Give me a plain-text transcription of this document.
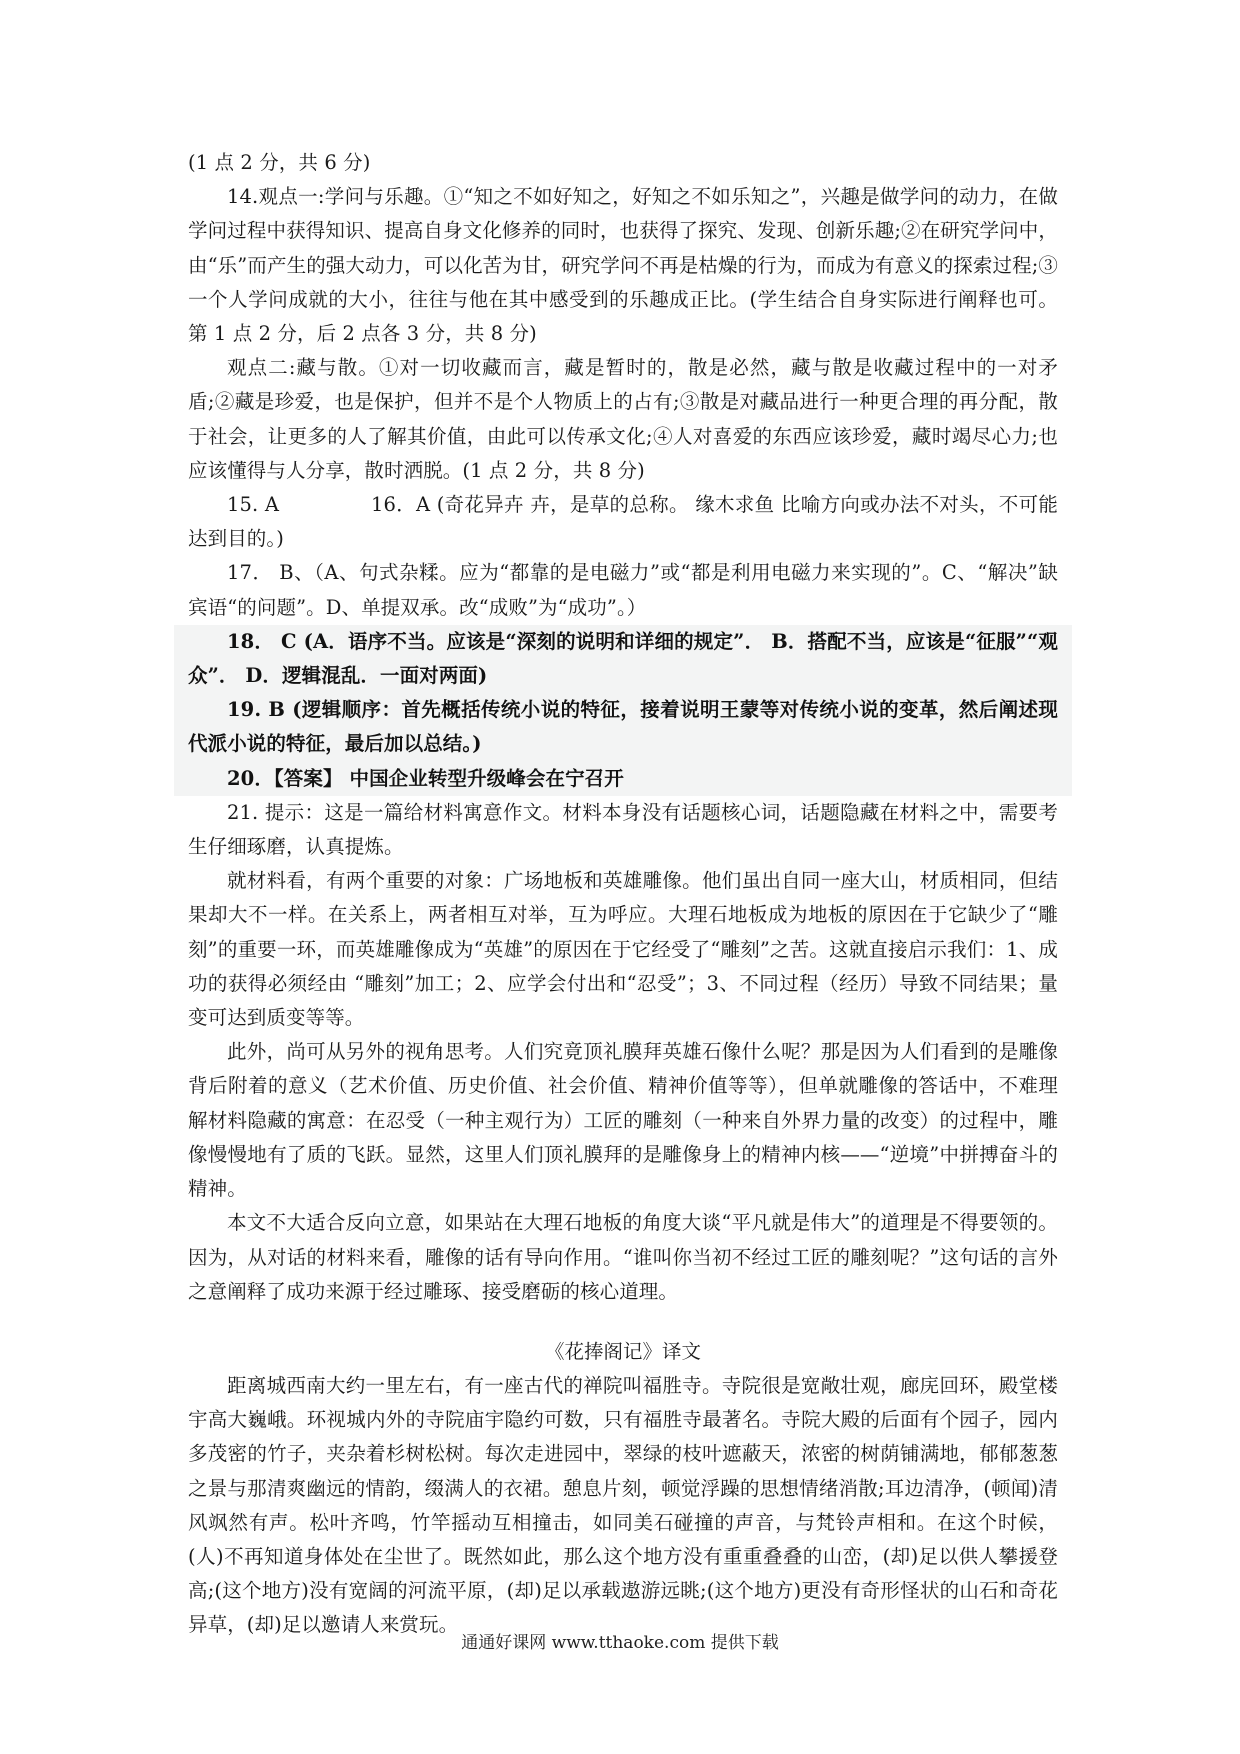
(1 点 2 分，共 6 分)

14.观点一:学问与乐趣。①“知之不如好知之，好知之不如乐知之”，兴趣是做学问的动力，在做学问过程中获得知识、提高自身文化修养的同时，也获得了探究、发现、创新乐趣;②在研究学问中，由“乐”而产生的强大动力，可以化苦为甘，研究学问不再是枯燥的行为，而成为有意义的探索过程;③一个人学问成就的大小，往往与他在其中感受到的乐趣成正比。(学生结合自身实际进行阐释也可。第 1 点 2 分，后 2 点各 3 分，共 8 分)

观点二:藏与散。①对一切收藏而言，藏是暂时的，散是必然，藏与散是收藏过程中的一对矛盾;②藏是珍爱，也是保护，但并不是个人物质上的占有;③散是对藏品进行一种更合理的再分配，散于社会，让更多的人了解其价值，由此可以传承文化;④人对喜爱的东西应该珍爱，藏时竭尽心力;也应该懂得与人分享，散时洒脱。(1 点 2 分，共 8 分)

15. A	16．A (奇花异卉 卉，是草的总称。 缘木求鱼 比喻方向或办法不对头，不可能达到目的。)

17． B、（A、句式杂糅。应为“都靠的是电磁力”或“都是利用电磁力来实现的”。C、“解决”缺宾语“的问题”。D、单提双承。改“成败”为“成功”。）

18． C (A．语序不当。应该是“深刻的说明和详细的规定”． B．搭配不当，应该是“征服”“观众”． D．逻辑混乱．一面对两面)

19. B (逻辑顺序：首先概括传统小说的特征，接着说明王蒙等对传统小说的变革，然后阐述现代派小说的特征，最后加以总结。)

20．【答案】 中国企业转型升级峰会在宁召开

21. 提示：这是一篇给材料寓意作文。材料本身没有话题核心词，话题隐藏在材料之中，需要考生仔细琢磨，认真提炼。

就材料看，有两个重要的对象：广场地板和英雄雕像。他们虽出自同一座大山，材质相同，但结果却大不一样。在关系上，两者相互对举，互为呼应。大理石地板成为地板的原因在于它缺少了“雕刻”的重要一环，而英雄雕像成为“英雄”的原因在于它经受了“雕刻”之苦。这就直接启示我们：1、成功的获得必须经由 “雕刻”加工；2、应学会付出和“忍受”；3、不同过程（经历）导致不同结果；量变可达到质变等等。

此外，尚可从另外的视角思考。人们究竟顶礼膜拜英雄石像什么呢？那是因为人们看到的是雕像背后附着的意义（艺术价值、历史价值、社会价值、精神价值等等），但单就雕像的答话中，不难理解材料隐藏的寓意：在忍受（一种主观行为）工匠的雕刻（一种来自外界力量的改变）的过程中，雕像慢慢地有了质的飞跃。显然，这里人们顶礼膜拜的是雕像身上的精神内核——“逆境”中拼搏奋斗的精神。

本文不大适合反向立意，如果站在大理石地板的角度大谈“平凡就是伟大”的道理是不得要领的。因为，从对话的材料来看，雕像的话有导向作用。“谁叫你当初不经过工匠的雕刻呢？”这句话的言外之意阐释了成功来源于经过雕琢、接受磨砺的核心道理。

《花捧阁记》译文

距离城西南大约一里左右，有一座古代的禅院叫福胜寺。寺院很是宽敞壮观，廊庑回环，殿堂楼宇高大巍峨。环视城内外的寺院庙宇隐约可数，只有福胜寺最著名。寺院大殿的后面有个园子，园内多茂密的竹子，夹杂着杉树松树。每次走进园中，翠绿的枝叶遮蔽天，浓密的树荫铺满地，郁郁葱葱之景与那清爽幽远的情韵，缀满人的衣裙。憩息片刻，顿觉浮躁的思想情绪消散;耳边清净，(顿闻)清风飒然有声。松叶齐鸣，竹竿摇动互相撞击，如同美石碰撞的声音，与梵铃声相和。在这个时候，(人)不再知道身体处在尘世了。既然如此，那么这个地方没有重重叠叠的山峦，(却)足以供人攀援登高;(这个地方)没有宽阔的河流平原，(却)足以承载遨游远眺;(这个地方)更没有奇形怪状的山石和奇花异草，(却)足以邀请人来赏玩。

通通好课网 www.tthaoke.com 提供下载
